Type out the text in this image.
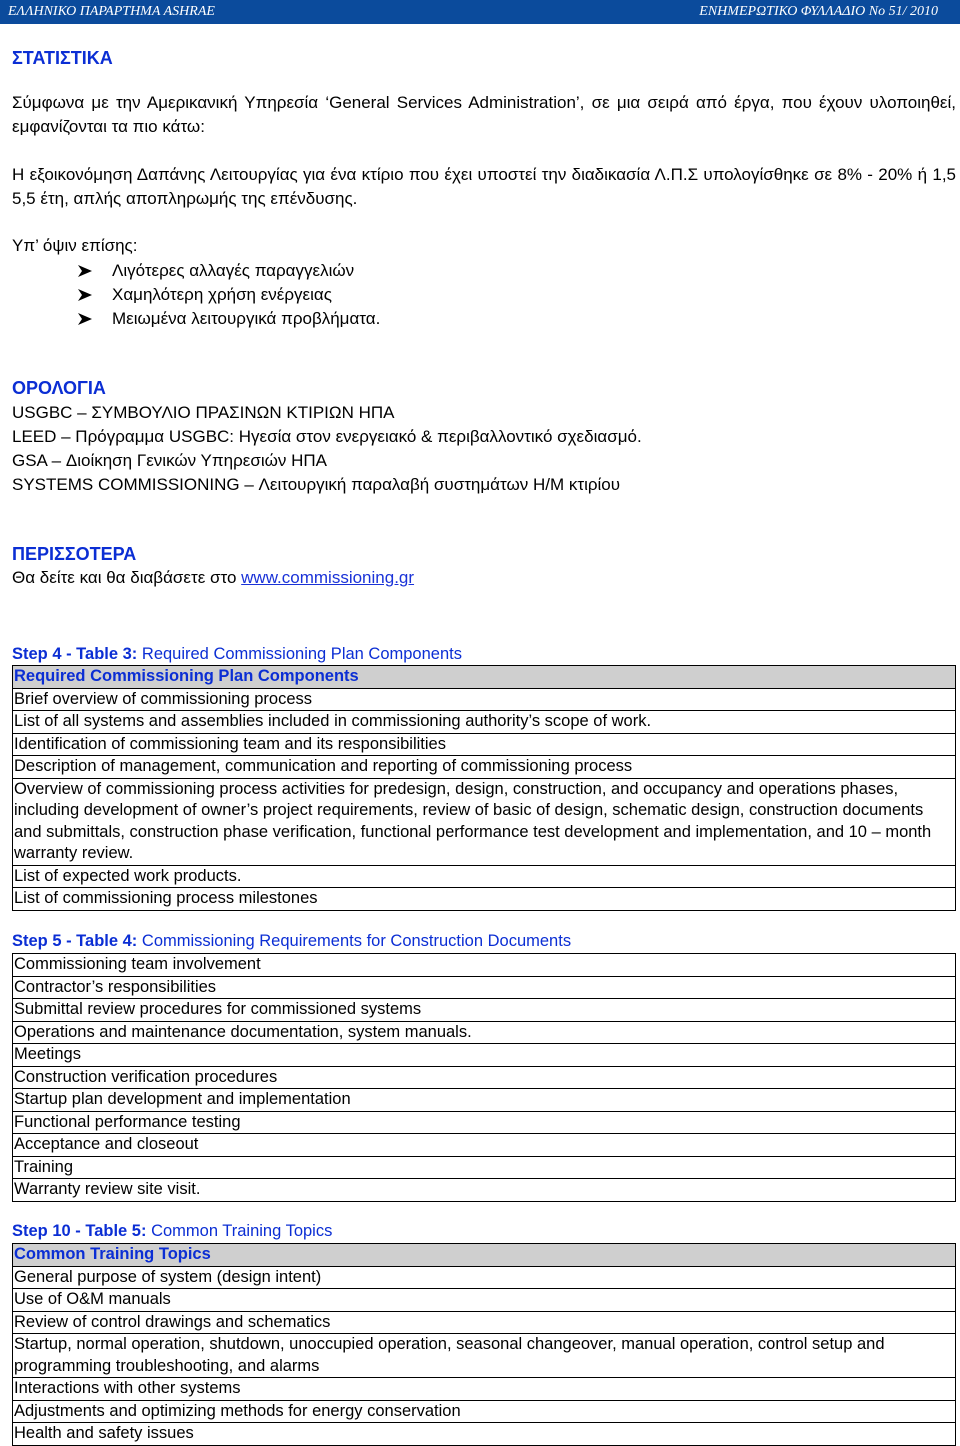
ΕΛΛΗΝΙΚΟ ΠΑΡΑΡΤΗΜΑ ASHRAE	ΕΝΗΜΕΡΩΤΙΚΟ ΦΥΛΛΑΔΙΟ Νο 51/ 2010
ΣΤΑΤΙΣΤΙΚΑ
Σύμφωνα με την Αμερικανική Υπηρεσία ‘General Services Administration’, σε μια σειρά από έργα, που έχουν υλοποιηθεί, εμφανίζονται τα πιο κάτω:
Η εξοικονόμηση Δαπάνης Λειτουργίας για ένα κτίριο που έχει υποστεί την διαδικασία Λ.Π.Σ υπολογίσθηκε σε 8% - 20% ή 1,5 5,5 έτη, απλής αποπληρωμής της επένδυσης.
Υπ’ όψιν επίσης:
Λιγότερες αλλαγές παραγγελιών
Χαμηλότερη χρήση ενέργειας
Μειωμένα λειτουργικά προβλήματα.
ΟΡΟΛΟΓΙΑ
USGBC – ΣΥΜΒΟΥΛΙΟ ΠΡΑΣΙΝΩΝ ΚΤΙΡΙΩΝ ΗΠΑ
LEED – Πρόγραμμα USGBC: Ηγεσία στον ενεργειακό & περιβαλλοντικό σχεδιασμό.
GSA – Διοίκηση Γενικών Υπηρεσιών ΗΠΑ
SYSTEMS COMMISSIONING – Λειτουργική παραλαβή συστημάτων Η/Μ κτιρίου
ΠΕΡΙΣΣΟΤΕΡΑ
Θα δείτε και θα διαβάσετε στο www.commissioning.gr
Step 4 - Table 3: Required Commissioning Plan Components
Required Commissioning Plan Components
Brief overview of commissioning process
List of all systems and assemblies included in commissioning authority’s scope of work.
Identification of commissioning team and its responsibilities
Description of management, communication and reporting of commissioning process
Overview of commissioning process activities for predesign, design, construction, and occupancy and operations phases, including development of owner’s project requirements, review of basic of design, schematic design, construction documents and submittals, construction phase verification, functional performance test development and implementation, and 10 – month warranty review.
List of expected work products.
List of commissioning process milestones
Step 5 - Table 4: Commissioning Requirements for Construction Documents
Commissioning team involvement
Contractor’s responsibilities
Submittal review procedures for commissioned systems
Operations and maintenance documentation, system manuals.
Meetings
Construction verification procedures
Startup plan development and implementation
Functional performance testing
Acceptance and closeout
Training
Warranty review site visit.
Step 10 - Table 5: Common Training Topics
Common Training Topics
General purpose of system (design intent)
Use of O&M manuals
Review of control drawings and schematics
Startup, normal operation, shutdown, unoccupied operation, seasonal changeover, manual operation, control setup and programming troubleshooting, and alarms
Interactions with other systems
Adjustments and optimizing methods for energy conservation
Health and safety issues
